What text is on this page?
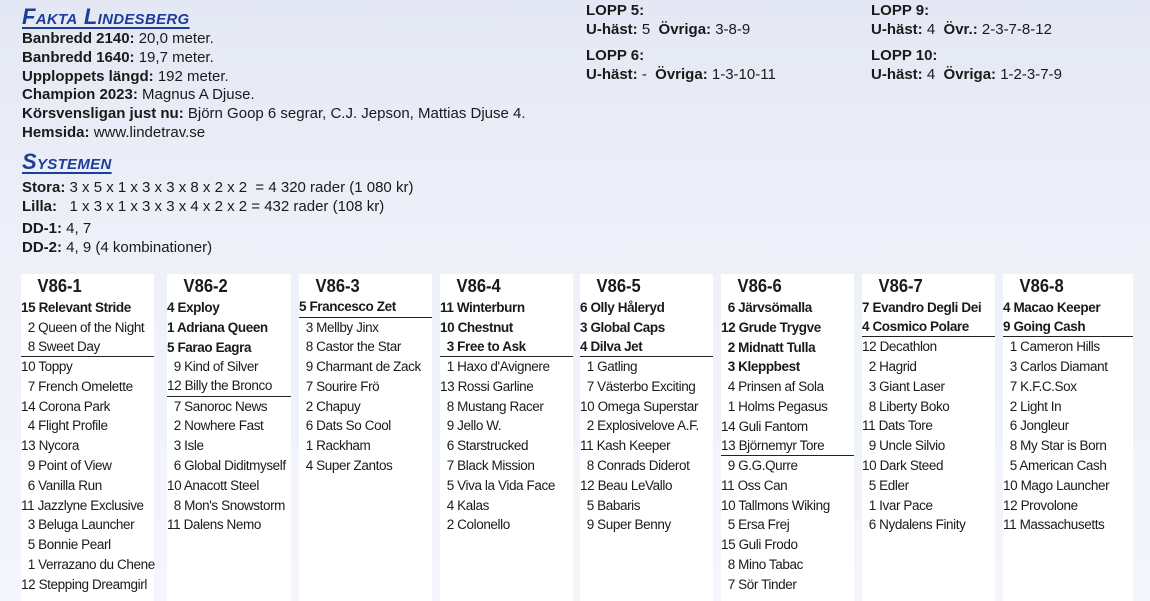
Fakta Lindesberg
Banbredd 2140: 20,0 meter.
Banbredd 1640: 19,7 meter.
Upploppets längd: 192 meter.
Champion 2023: Magnus A Djuse.
Körsvensligan just nu: Björn Goop 6 segrar, C.J. Jepson, Mattias Djuse 4.
Hemsida: www.lindetrav.se
Systemen
Stora: 3 x 5 x 1 x 3 x 3 x 8 x 2 x 2  = 4 320 rader (1 080 kr)
Lilla:   1 x 3 x 1 x 3 x 3 x 4 x 2 x 2 = 432 rader (108 kr)
DD-1: 4, 7
DD-2: 4, 9 (4 kombinationer)
LOPP 5:
U-häst: 5  Övriga: 3-8-9
LOPP 6:
U-häst: -  Övriga: 1-3-10-11
LOPP 9:
U-häst: 4  Övr.: 2-3-7-8-12
LOPP 10:
U-häst: 4  Övriga: 1-2-3-7-9
V86-1
15 Relevant Stride
2 Queen of the Night
8 Sweet Day
10 Toppy
7 French Omelette
14 Corona Park
4 Flight Profile
13 Nycora
9 Point of View
6 Vanilla Run
11 Jazzlyne Exclusive
3 Beluga Launcher
5 Bonnie Pearl
1 Verrazano du Chene
12 Stepping Dreamgirl
V86-2
4 Exploy
1 Adriana Queen
5 Farao Eagra
9 Kind of Silver
12 Billy the Bronco
7 Sanoroc News
2 Nowhere Fast
3 Isle
6 Global Diditmyself
10 Anacott Steel
8 Mon's Snowstorm
11 Dalens Nemo
V86-3
5 Francesco Zet
3 Mellby Jinx
8 Castor the Star
9 Charmant de Zack
7 Sourire Frö
2 Chapuy
6 Dats So Cool
1 Rackham
4 Super Zantos
V86-4
11 Winterburn
10 Chestnut
3 Free to Ask
1 Haxo d'Avignere
13 Rossi Garline
8 Mustang Racer
9 Jello W.
6 Starstrucked
7 Black Mission
5 Viva la Vida Face
4 Kalas
2 Colonello
V86-5
6 Olly Håleryd
3 Global Caps
4 Dilva Jet
1 Gatling
7 Västerbo Exciting
10 Omega Superstar
2 Explosivelove A.F.
11 Kash Keeper
8 Conrads Diderot
12 Beau LeVallo
5 Babaris
9 Super Benny
V86-6
6 Järvsömalla
12 Grude Trygve
2 Midnatt Tulla
3 Kleppbest
4 Prinsen af Sola
1 Holms Pegasus
14 Guli Fantom
13 Björnemyr Tore
9 G.G.Qurre
11 Oss Can
10 Tallmons Wiking
5 Ersa Frej
15 Guli Frodo
8 Mino Tabac
7 Sör Tinder
V86-7
7 Evandro Degli Dei
4 Cosmico Polare
12 Decathlon
2 Hagrid
3 Giant Laser
8 Liberty Boko
11 Dats Tore
9 Uncle Silvio
10 Dark Steed
5 Edler
1 Ivar Pace
6 Nydalens Finity
V86-8
4 Macao Keeper
9 Going Cash
1 Cameron Hills
3 Carlos Diamant
7 K.F.C.Sox
2 Light In
6 Jongleur
8 My Star is Born
5 American Cash
10 Mago Launcher
12 Provolone
11 Massachusetts
